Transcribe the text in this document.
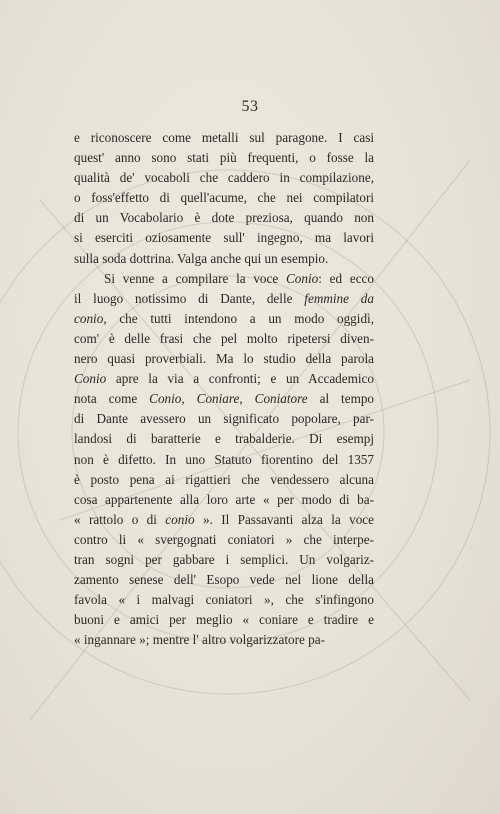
53
e riconoscere come metalli sul paragone. I casi
quest' anno sono stati più frequenti, o fosse la
qualità de' vocaboli che caddero in compilazione,
o foss'effetto di quell'acume, che nei compilatori
di un Vocabolario è dote preziosa, quando non
si eserciti oziosamente sull' ingegno, ma lavori
sulla soda dottrina. Valga anche qui un esempio.
Si venne a compilare la voce Conio: ed ecco
il luogo notissimo di Dante, delle femmine da
conio, che tutti intendono a un modo oggidì,
com' è delle frasi che pel molto ripetersi diven-
nero quasi proverbiali. Ma lo studio della parola
Conio apre la via a confronti; e un Accademico
nota come Conio, Coniare, Coniatore al tempo
di Dante avessero un significato popolare, par-
landosi di baratterie e trabalderie. Di esempj
non è difetto. In uno Statuto fiorentino del 1357
è posto pena ai rigattieri che vendessero alcuna
cosa appartenente alla loro arte « per modo di ba-
« rattolo o di conio ». Il Passavanti alza la voce
contro li « svergognati coniatori » che interpe-
tran sogni per gabbare i semplici. Un volgariz-
zamento senese dell' Esopo vede nel lione della
favola « i malvagi coniatori », che s'infingono
buoni e amici per meglio « coniare e tradire e
« ingannare »; mentre l' altro volgarizzatore pa-
